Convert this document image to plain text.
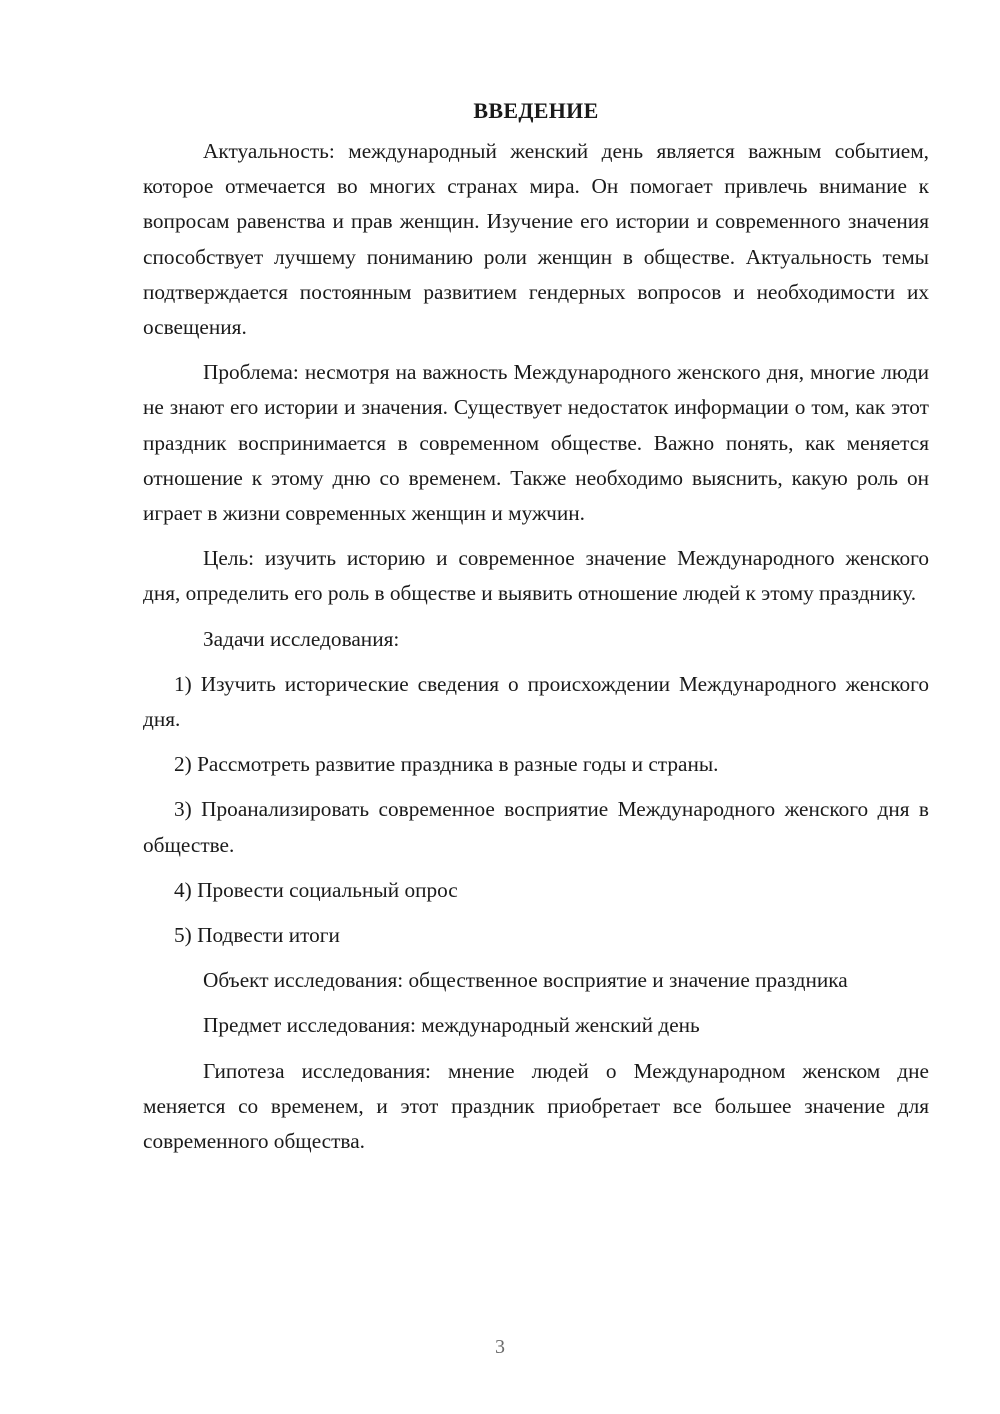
ВВЕДЕНИЕ

Актуальность: международный женский день является важным событием, которое отмечается во многих странах мира. Он помогает привлечь внимание к вопросам равенства и прав женщин. Изучение его истории и современного значения способствует лучшему пониманию роли женщин в обществе. Актуальность темы подтверждается постоянным развитием гендерных вопросов и необходимости их освещения.

Проблема: несмотря на важность Международного женского дня, многие люди не знают его истории и значения. Существует недостаток информации о том, как этот праздник воспринимается в современном обществе. Важно понять, как меняется отношение к этому дню со временем. Также необходимо выяснить, какую роль он играет в жизни современных женщин и мужчин.

Цель: изучить историю и современное значение Международного женского дня, определить его роль в обществе и выявить отношение людей к этому празднику.

Задачи исследования:

1) Изучить исторические сведения о происхождении Международного женского дня.

2) Рассмотреть развитие праздника в разные годы и страны.

3) Проанализировать современное восприятие Международного женского дня в обществе.

4) Провести социальный опрос

5) Подвести итоги

Объект исследования: общественное восприятие и значение праздника

Предмет исследования: международный женский день

Гипотеза исследования: мнение людей о Международном женском дне меняется со временем, и этот праздник приобретает все большее значение для современного общества.

3
